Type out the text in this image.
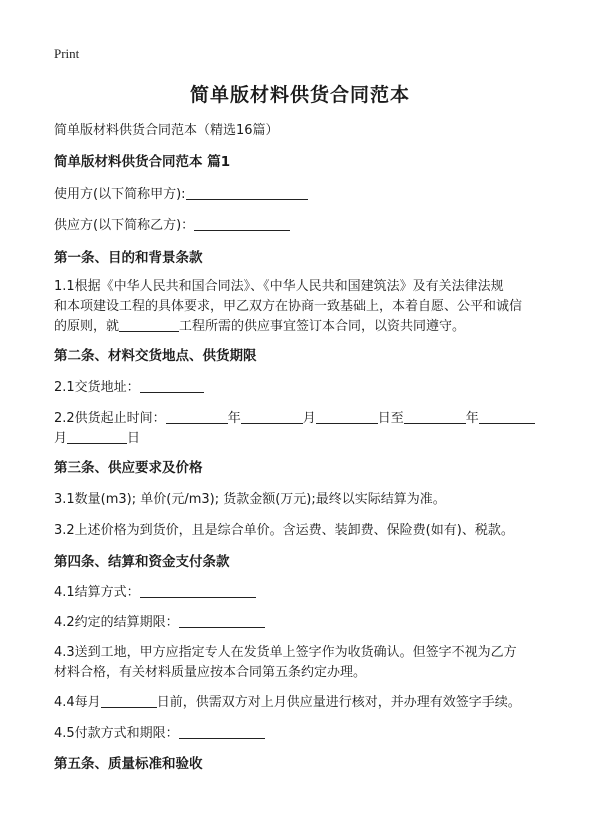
Print
简单版材料供货合同范本
简单版材料供货合同范本（精选16篇）
简单版材料供货合同范本 篇1
使用方(以下简称甲方):
供应方(以下简称乙方)：
第一条、目的和背景条款
1.1根据《中华人民共和国合同法》、《中华人民共和国建筑法》及有关法律法规
和本项建设工程的具体要求，甲乙双方在协商一致基础上，本着自愿、公平和诚信
的原则，就	工程所需的供应事宜签订本合同，以资共同遵守。
第二条、材料交货地点、供货期限
2.1交货地址：
2.2供货起止时间：	年	月	日至	年
月	日
第三条、供应要求及价格
3.1数量(m3); 单价(元/m3); 货款金额(万元);最终以实际结算为准。
3.2上述价格为到货价，且是综合单价。含运费、装卸费、保险费(如有)、税款。
第四条、结算和资金支付条款
4.1结算方式：
4.2约定的结算期限：
4.3送到工地，甲方应指定专人在发货单上签字作为收货确认。但签字不视为乙方
材料合格，有关材料质量应按本合同第五条约定办理。
4.4每月	日前，供需双方对上月供应量进行核对，并办理有效签字手续。
4.5付款方式和期限：
第五条、质量标准和验收
